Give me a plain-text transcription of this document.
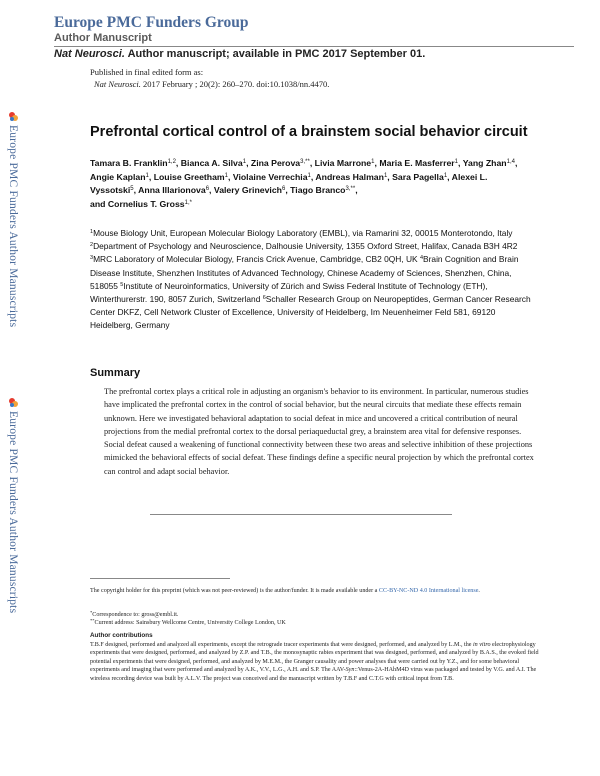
Europe PMC Funders Group
Author Manuscript
Nat Neurosci. Author manuscript; available in PMC 2017 September 01.
Published in final edited form as:
Nat Neurosci. 2017 February ; 20(2): 260–270. doi:10.1038/nn.4470.
Europe PMC Funders Author Manuscripts
Europe PMC Funders Author Manuscripts
Prefrontal cortical control of a brainstem social behavior circuit
Tamara B. Franklin$^{1,2}$, Bianca A. Silva$^1$, Zina Perova$^{3,**}$, Livia Marrone$^1$, Maria E. Masferrer$^1$, Yang Zhan$^{1,4}$, Angie Kaplan$^1$, Louise Greetham$^1$, Violaine Verrechia$^1$, Andreas Halman$^1$, Sara Pagella$^1$, Alexei L. Vyssotski$^5$, Anna Illarionova$^6$, Valery Grinevich$^6$, Tiago Branco$^{3,**}$,
and Cornelius T. Gross$^{1,*}$
$^1$Mouse Biology Unit, European Molecular Biology Laboratory (EMBL), via Ramarini 32, 00015 Monterotondo, Italy $^2$Department of Psychology and Neuroscience, Dalhousie University, 1355 Oxford Street, Halifax, Canada B3H 4R2 $^3$MRC Laboratory of Molecular Biology, Francis Crick Avenue, Cambridge, CB2 0QH, UK $^4$Brain Cognition and Brain Disease Institute, Shenzhen Institutes of Advanced Technology, Chinese Academy of Sciences, Shenzhen, China, 518055 $^5$Institute of Neuroinformatics, University of Zürich and Swiss Federal Institute of Technology (ETH), Winterthurerstr. 190, 8057 Zurich, Switzerland $^6$Schaller Research Group on Neuropeptides, German Cancer Research Center DKFZ, Cell Network Cluster of Excellence, University of Heidelberg, Im Neuenheimer Feld 581, 69120 Heidelberg, Germany
Summary
The prefrontal cortex plays a critical role in adjusting an organism's behavior to its environment. In particular, numerous studies have implicated the prefrontal cortex in the control of social behavior, but the neural circuits that mediate these effects remain unknown. Here we investigated behavioral adaptation to social defeat in mice and uncovered a critical contribution of neural projections from the medial prefrontal cortex to the dorsal periaqueductal grey, a brainstem area vital for defensive responses. Social defeat caused a weakening of functional connectivity between these two areas and selective inhibition of these projections mimicked the behavioral effects of social defeat. These findings define a specific neural projection by which the prefrontal cortex can control and adapt social behavior.
The copyright holder for this preprint (which was not peer-reviewed) is the author/funder. It is made available under a CC-BY-NC-ND 4.0 International license.
*Correspondence to: gross@embl.it.
**Current address: Sainsbury Wellcome Centre, University College London, UK
Author contributions
T.B.F designed, performed and analyzed all experiments, except the retrograde tracer experiments that were designed, performed, and analyzed by L.M., the in vitro electrophysiology experiments that were designed, performed, and analyzed by Z.P. and T.B., the monosynaptic rabies experiment that was designed, performed, and analyzed by B.A.S., the evoked field potential experiments that were designed, performed, and analyzed by M.E.M., the Granger causality and power analyses that were carried out by Y.Z., and for some behavioral experiments and imaging that were performed and analyzed by A.K., V.V., L.G., A.H. and S.P. The AAV-Syn::Venus-2A-HAhM4D virus was packaged and tested by V.G. and A.I. The wireless recording device was built by A.L.V. The project was conceived and the manuscript written by T.B.F and C.T.G with critical input from T.B.
